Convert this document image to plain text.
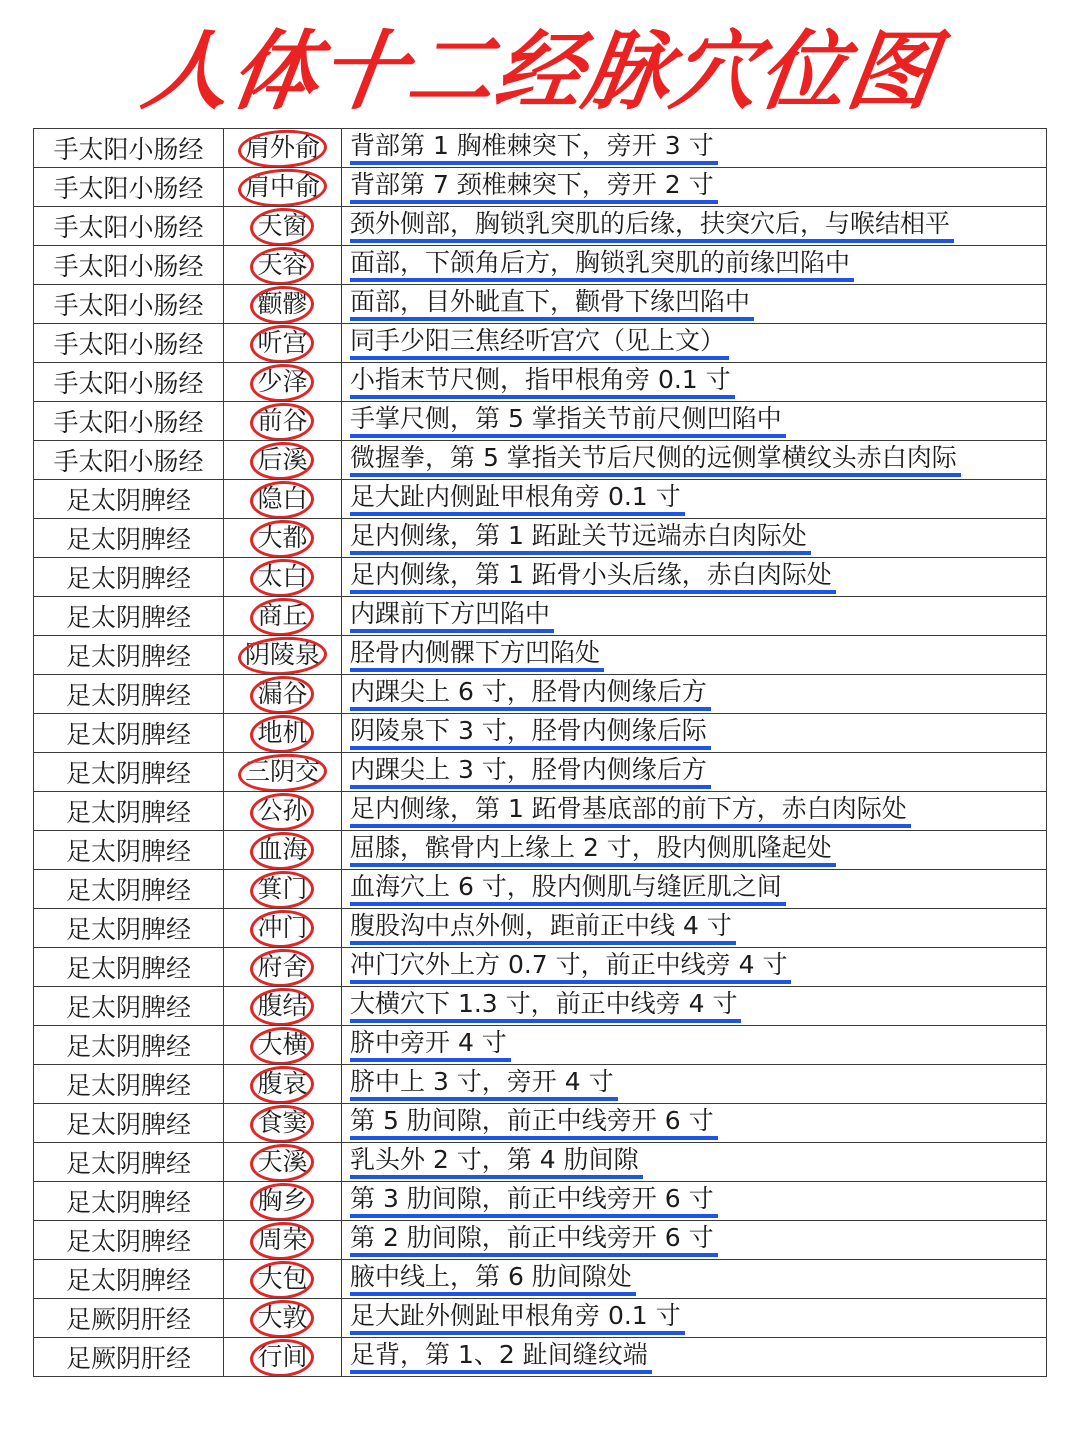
人体十二经脉穴位图
手太阳小肠经	肩外俞	背部第 1 胸椎棘突下，旁开 3 寸
手太阳小肠经	肩中俞	背部第 7 颈椎棘突下，旁开 2 寸
手太阳小肠经	天窗	颈外侧部，胸锁乳突肌的后缘，扶突穴后，与喉结相平
手太阳小肠经	天容	面部，下颌角后方，胸锁乳突肌的前缘凹陷中
手太阳小肠经	颧髎	面部，目外眦直下，颧骨下缘凹陷中
手太阳小肠经	听宫	同手少阳三焦经听宫穴（见上文）
手太阳小肠经	少泽	小指末节尺侧，指甲根角旁 0.1 寸
手太阳小肠经	前谷	手掌尺侧，第 5 掌指关节前尺侧凹陷中
手太阳小肠经	后溪	微握拳，第 5 掌指关节后尺侧的远侧掌横纹头赤白肉际
足太阴脾经	隐白	足大趾内侧趾甲根角旁 0.1 寸
足太阴脾经	大都	足内侧缘，第 1 跖趾关节远端赤白肉际处
足太阴脾经	太白	足内侧缘，第 1 跖骨小头后缘，赤白肉际处
足太阴脾经	商丘	内踝前下方凹陷中
足太阴脾经	阴陵泉	胫骨内侧髁下方凹陷处
足太阴脾经	漏谷	内踝尖上 6 寸，胫骨内侧缘后方
足太阴脾经	地机	阴陵泉下 3 寸，胫骨内侧缘后际
足太阴脾经	三阴交	内踝尖上 3 寸，胫骨内侧缘后方
足太阴脾经	公孙	足内侧缘，第 1 跖骨基底部的前下方，赤白肉际处
足太阴脾经	血海	屈膝，髌骨内上缘上 2 寸，股内侧肌隆起处
足太阴脾经	箕门	血海穴上 6 寸，股内侧肌与缝匠肌之间
足太阴脾经	冲门	腹股沟中点外侧，距前正中线 4 寸
足太阴脾经	府舍	冲门穴外上方 0.7 寸，前正中线旁 4 寸
足太阴脾经	腹结	大横穴下 1.3 寸，前正中线旁 4 寸
足太阴脾经	大横	脐中旁开 4 寸
足太阴脾经	腹哀	脐中上 3 寸，旁开 4 寸
足太阴脾经	食窦	第 5 肋间隙，前正中线旁开 6 寸
足太阴脾经	天溪	乳头外 2 寸，第 4 肋间隙
足太阴脾经	胸乡	第 3 肋间隙，前正中线旁开 6 寸
足太阴脾经	周荣	第 2 肋间隙，前正中线旁开 6 寸
足太阴脾经	大包	腋中线上，第 6 肋间隙处
足厥阴肝经	大敦	足大趾外侧趾甲根角旁 0.1 寸
足厥阴肝经	行间	足背，第 1、2 趾间缝纹端
